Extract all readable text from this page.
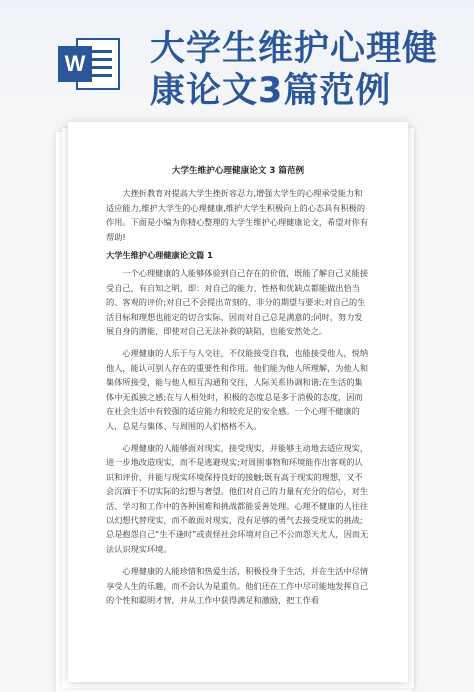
W 大学生维护心理健康论文3篇范例
大学生维护心理健康论文 3 篇范例

大挫折教育对提高大学生挫折容忍力,增强大学生的心理承受能力和适应能力,维护大学生的心理健康,维护大学生积极向上的心态具有积极的作用。下面是小编为你精心整理的大学生维护心理健康论文，希望对你有帮助!

大学生维护心理健康论文篇 1

一个心理健康的人能够体验到自己存在的价值，既能了解自己又能接受自己，有自知之明，即：对自己的能力、性格和优缺点都能做出恰当的、客观的评价;对自己不会提出苛刻的、非分的期望与要求;对自己的生活目标和理想也能定的切合实际，因而对自己总是满意的;同时，努力发展自身的潜能，即使对自己无法补救的缺陷，也能安然处之。

心理健康的人乐于与人交往，不仅能接受自我，也能接受他人，悦纳他人，能认可别人存在的重要性和作用。他们能为他人所理解，为他人和集体所接受，能与他人相互沟通和交往，人际关系协调和谐;在生活的集体中无孤独之感;在与人相处时，积极的态度总是多于消极的态度，因而在社会生活中有较强的适应能力和较充足的安全感。一个心理不健康的人，总是与集体、与周围的人们格格不入。

心理健康的人能够面对现实，接受现实，并能够主动地去适应现实，进一步地改造现实，而不是逃避现实;对周围事物和环境能作出客观的认识和评价，并能与现实环境保持良好的接触;既有高于现实的理想，又不会沉湎于不切实际的幻想与奢望。他们对自己的力量有充分的信心，对生活、学习和工作中的各种困难和挑战都能妥善处理。心理不健康的人往往以幻想代替现实，而不敢面对现实，没有足够的勇气去接受现实的挑战;总是抱怨自己“生不逢时”或责怪社会环境对自己不公而怨天尤人，因而无法认识现实环境。

心理健康的人能珍惜和热爱生活，积极投身于生活，并在生活中尽情享受人生的乐趣，而不会认为是重负。他们还在工作中尽可能地发挥自己的个性和聪明才智，并从工作中获得满足和激励，把工作看
